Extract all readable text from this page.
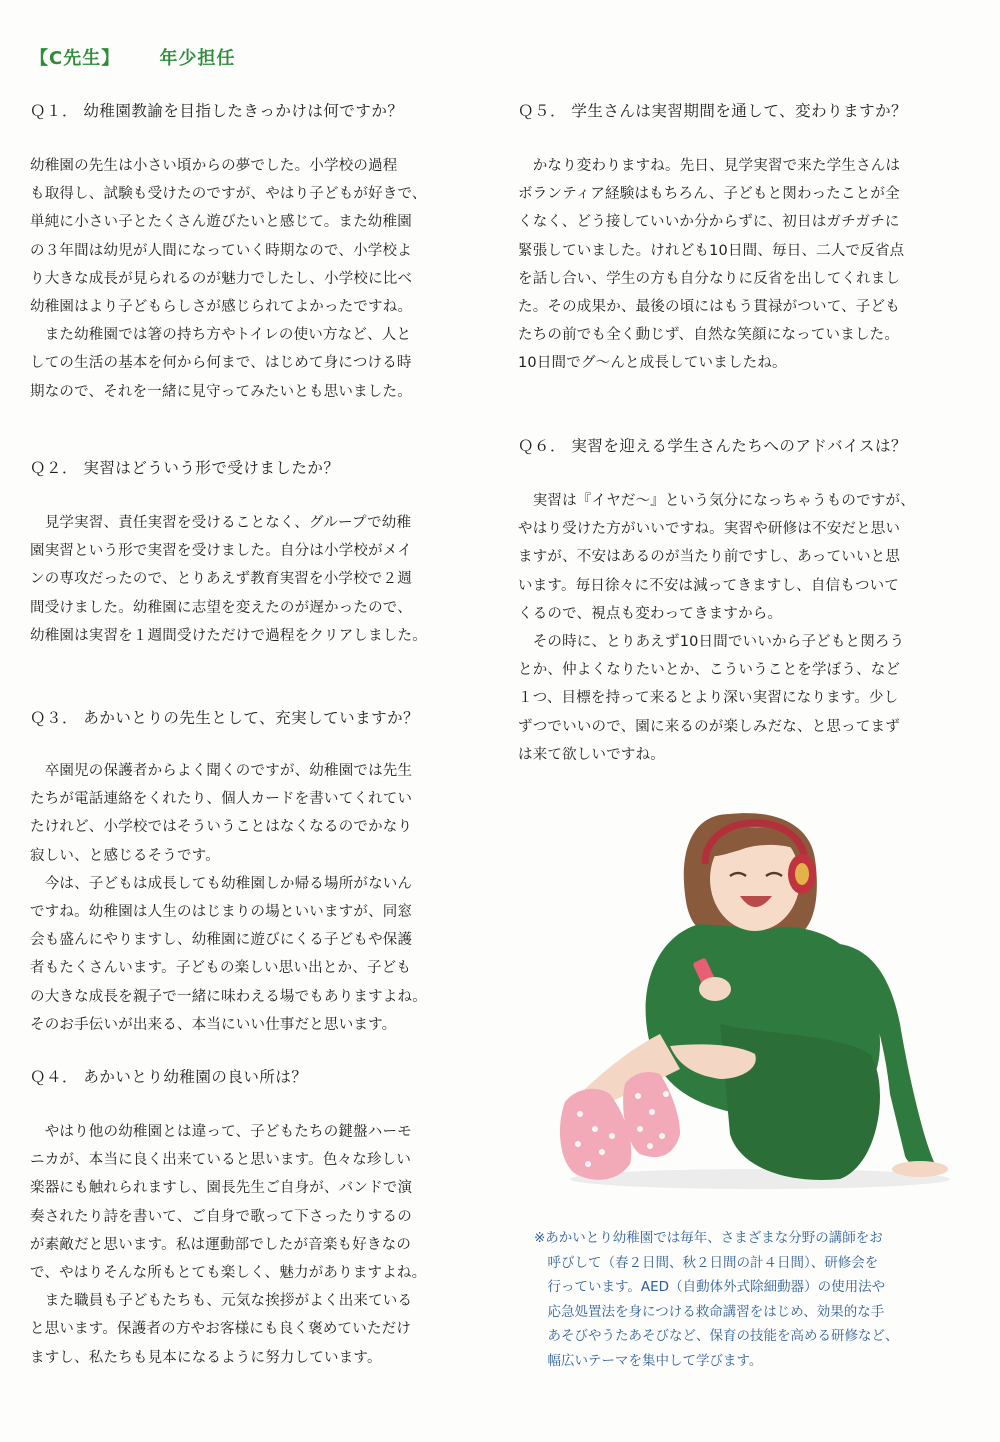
【C先生】 年少担任
Ｑ１． 幼稚園教諭を目指したきっかけは何ですか？

幼稚園の先生は小さい頃からの夢でした。小学校の過程

も取得し、試験も受けたのですが、やはり子どもが好きで、

単純に小さい子とたくさん遊びたいと感じて。また幼稚園

の３年間は幼児が人間になっていく時期なので、小学校よ

り大きな成長が見られるのが魅力でしたし、小学校に比べ

幼稚園はより子どもらしさが感じられてよかったですね。

　また幼稚園では箸の持ち方やトイレの使い方など、人と

しての生活の基本を何から何まで、はじめて身につける時

期なので、それを一緒に見守ってみたいとも思いました。

Ｑ２． 実習はどういう形で受けましたか？

　見学実習、責任実習を受けることなく、グループで幼稚

園実習という形で実習を受けました。自分は小学校がメイ

ンの専攻だったので、とりあえず教育実習を小学校で２週

間受けました。幼稚園に志望を変えたのが遅かったので、

幼稚園は実習を１週間受けただけで過程をクリアしました。

Ｑ３． あかいとりの先生として、充実していますか？

　卒園児の保護者からよく聞くのですが、幼稚園では先生

たちが電話連絡をくれたり、個人カードを書いてくれてい

たけれど、小学校ではそういうことはなくなるのでかなり

寂しい、と感じるそうです。

　今は、子どもは成長しても幼稚園しか帰る場所がないん

ですね。幼稚園は人生のはじまりの場といいますが、同窓

会も盛んにやりますし、幼稚園に遊びにくる子どもや保護

者もたくさんいます。子どもの楽しい思い出とか、子ども

の大きな成長を親子で一緒に味わえる場でもありますよね。

そのお手伝いが出来る、本当にいい仕事だと思います。

Ｑ４． あかいとり幼稚園の良い所は？

　やはり他の幼稚園とは違って、子どもたちの鍵盤ハーモ

ニカが、本当に良く出来ていると思います。色々な珍しい

楽器にも触れられますし、園長先生ご自身が、バンドで演

奏されたり詩を書いて、ご自身で歌って下さったりするの

が素敵だと思います。私は運動部でしたが音楽も好きなの

で、やはりそんな所もとても楽しく、魅力がありますよね。

　また職員も子どもたちも、元気な挨拶がよく出来ている

と思います。保護者の方やお客様にも良く褒めていただけ

ますし、私たちも見本になるように努力しています。

Ｑ５． 学生さんは実習期間を通して、変わりますか？

　かなり変わりますね。先日、見学実習で来た学生さんは

ボランティア経験はもちろん、子どもと関わったことが全

くなく、どう接していいか分からずに、初日はガチガチに

緊張していました。けれども10日間、毎日、二人で反省点

を話し合い、学生の方も自分なりに反省を出してくれまし

た。その成果か、最後の頃にはもう貫禄がついて、子ども

たちの前でも全く動じず、自然な笑顔になっていました。

10日間でグ～んと成長していましたね。

Ｑ６． 実習を迎える学生さんたちへのアドバイスは？

　実習は『イヤだ～』という気分になっちゃうものですが、

やはり受けた方がいいですね。実習や研修は不安だと思い

ますが、不安はあるのが当たり前ですし、あっていいと思

います。毎日徐々に不安は減ってきますし、自信もついて

くるので、視点も変わってきますから。

　その時に、とりあえず10日間でいいから子どもと関ろう

とか、仲よくなりたいとか、こういうことを学ぼう、など

１つ、目標を持って来るとより深い実習になります。少し

ずつでいいので、園に来るのが楽しみだな、と思ってまず

は来て欲しいですね。

※あかいとり幼稚園では毎年、さまざまな分野の講師をお

　呼びして（春２日間、秋２日間の計４日間）、研修会を

　行っています。AED（自動体外式除細動器）の使用法や

　応急処置法を身につける救命講習をはじめ、効果的な手

　あそびやうたあそびなど、保育の技能を高める研修など、

　幅広いテーマを集中して学びます。
